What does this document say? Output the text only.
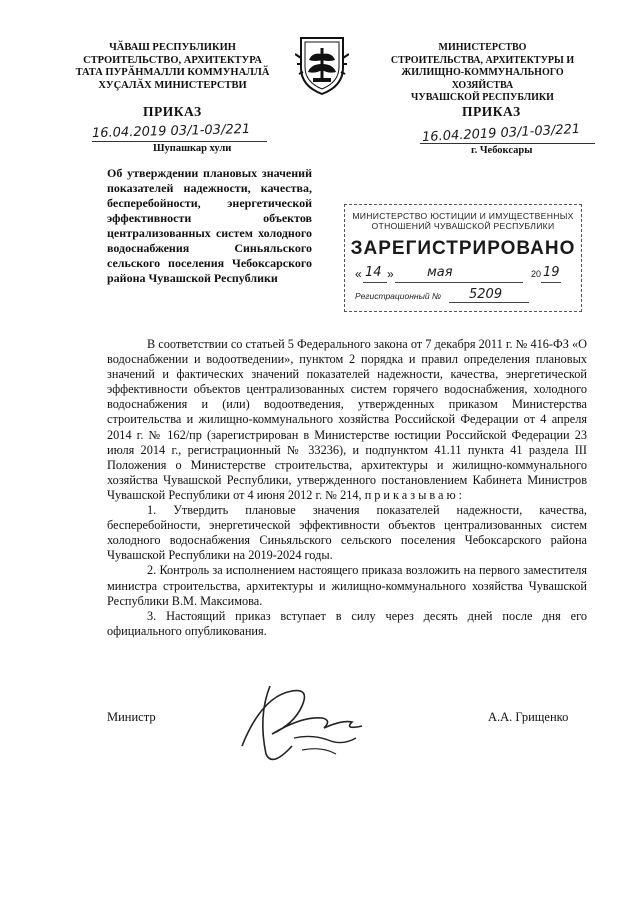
ЧӐВАШ РЕСПУБЛИКИН
СТРОИТЕЛЬСТВО, АРХИТЕКТУРА
ТАТА ПУРӐНМАЛЛИ КОММУНАЛЛӐ
ХУҪАЛӐХ МИНИСТЕРСТВИ
МИНИСТЕРСТВО
СТРОИТЕЛЬСТВА, АРХИТЕКТУРЫ И
ЖИЛИЩНО-КОММУНАЛЬНОГО ХОЗЯЙСТВА
ЧУВАШСКОЙ РЕСПУБЛИКИ
ПРИКАЗ	ПРИКАЗ
16.04.2019 03/1-03/221	16.04.2019 03/1-03/221
Шупашкар хули	г. Чебоксары
Об утверждении плановых значений показателей надежности, качества, бесперебойности, энергетической эффективности объектов централизованных систем холодного водоснабжения Синьяльского сельского поселения Чебоксарского района Чувашской Республики
МИНИСТЕРСТВО ЮСТИЦИИ И ИМУЩЕСТВЕННЫХ ОТНОШЕНИЙ ЧУВАШСКОЙ РЕСПУБЛИКИ
ЗАРЕГИСТРИРОВАНО
« 14 »	мая	20 19
Регистрационный № 5209

В соответствии со статьей 5 Федерального закона от 7 декабря 2011 г. № 416-ФЗ «О водоснабжении и водоотведении», пунктом 2 порядка и правил определения плановых значений и фактических значений показателей надежности, качества, энергетической эффективности объектов централизованных систем горячего водоснабжения, холодного водоснабжения и (или) водоотведения, утвержденных приказом Министерства строительства и жилищно-коммунального хозяйства Российской Федерации от 4 апреля 2014 г. № 162/пр (зарегистрирован в Министерстве юстиции Российской Федерации 23 июля 2014 г., регистрационный № 33236), и подпунктом 41.11 пункта 41 раздела III Положения о Министерстве строительства, архитектуры и жилищно-коммунального хозяйства Чувашской Республики, утвержденного постановлением Кабинета Министров Чувашской Республики от 4 июня 2012 г. № 214, приказываю:

1. Утвердить плановые значения показателей надежности, качества, бесперебойности, энергетической эффективности объектов централизованных систем холодного водоснабжения Синьяльского сельского поселения Чебоксарского района Чувашской Республики на 2019-2024 годы.

2. Контроль за исполнением настоящего приказа возложить на первого заместителя министра строительства, архитектуры и жилищно-коммунального хозяйства Чувашской Республики В.М. Максимова.

3. Настоящий приказ вступает в силу через десять дней после дня его официального опубликования.

Министр	А.А. Грищенко
